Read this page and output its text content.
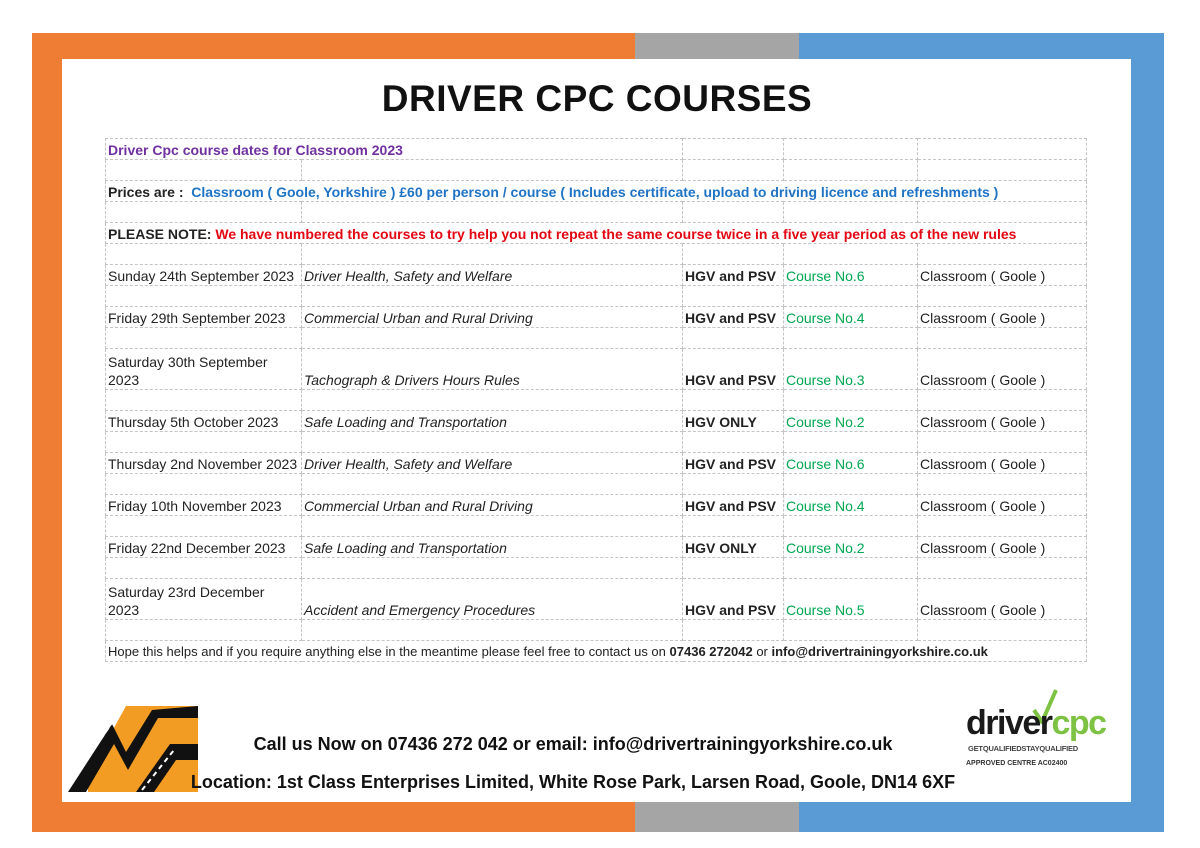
DRIVER CPC COURSES
Driver Cpc course dates for Classroom 2023				

Prices are : Classroom ( Goole, Yorkshire ) £60 per person / course ( Includes certificate, upload to driving licence and refreshments )				

PLEASE NOTE: We have numbered the courses to try help you not repeat the same course twice in a five year period as of the new rules				

Sunday 24th September 2023	Driver Health, Safety and Welfare	HGV and PSV	Course No.6	Classroom ( Goole )

Friday 29th September 2023	Commercial Urban and Rural Driving	HGV and PSV	Course No.4	Classroom ( Goole )

Saturday 30th September 2023	Tachograph & Drivers Hours Rules	HGV and PSV	Course No.3	Classroom ( Goole )

Thursday 5th October 2023	Safe Loading and Transportation	HGV ONLY	Course No.2	Classroom ( Goole )

Thursday 2nd November 2023	Driver Health, Safety and Welfare	HGV and PSV	Course No.6	Classroom ( Goole )

Friday 10th November 2023	Commercial Urban and Rural Driving	HGV and PSV	Course No.4	Classroom ( Goole )

Friday 22nd December 2023	Safe Loading and Transportation	HGV ONLY	Course No.2	Classroom ( Goole )

Saturday 23rd December 2023	Accident and Emergency Procedures	HGV and PSV	Course No.5	Classroom ( Goole )

Hope this helps and if you require anything else in the meantime please feel free to contact us on 07436 272042 or info@drivertrainingyorkshire.co.uk				
Call us Now on 07436 272 042 or email: info@drivertrainingyorkshire.co.uk
Location: 1st Class Enterprises Limited, White Rose Park, Larsen Road, Goole, DN14 6XF
drivercpc
GETQUALIFIEDSTAYQUALIFIED
APPROVED CENTRE AC02400
